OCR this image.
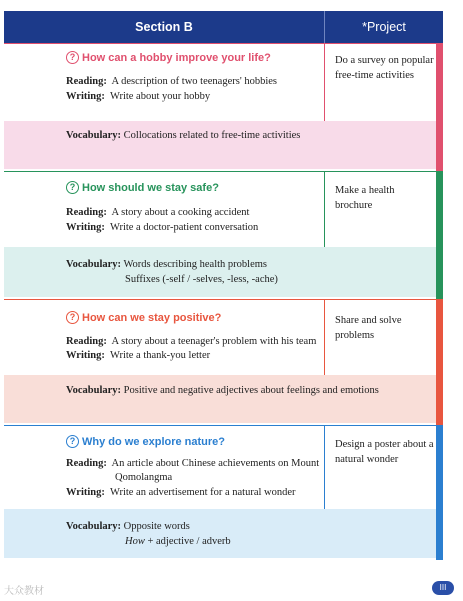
Section B	*Project
? How can a hobby improve your life?
Reading: A description of two teenagers' hobbies
Writing: Write about your hobby
Vocabulary: Collocations related to free-time activities
Do a survey on popular free-time activities
? How should we stay safe?
Reading: A story about a cooking accident
Writing: Write a doctor-patient conversation
Vocabulary: Words describing health problems
Suffixes (-self / -selves, -less, -ache)
Make a health brochure
? How can we stay positive?
Reading: A story about a teenager's problem with his team
Writing: Write a thank-you letter
Vocabulary: Positive and negative adjectives about feelings and emotions
Share and solve problems
? Why do we explore nature?
Reading: An article about Chinese achievements on Mount
Qomolangma
Writing: Write an advertisement for a natural wonder
Vocabulary: Opposite words
How + adjective / adverb
Design a poster about a natural wonder
大众教材	III
